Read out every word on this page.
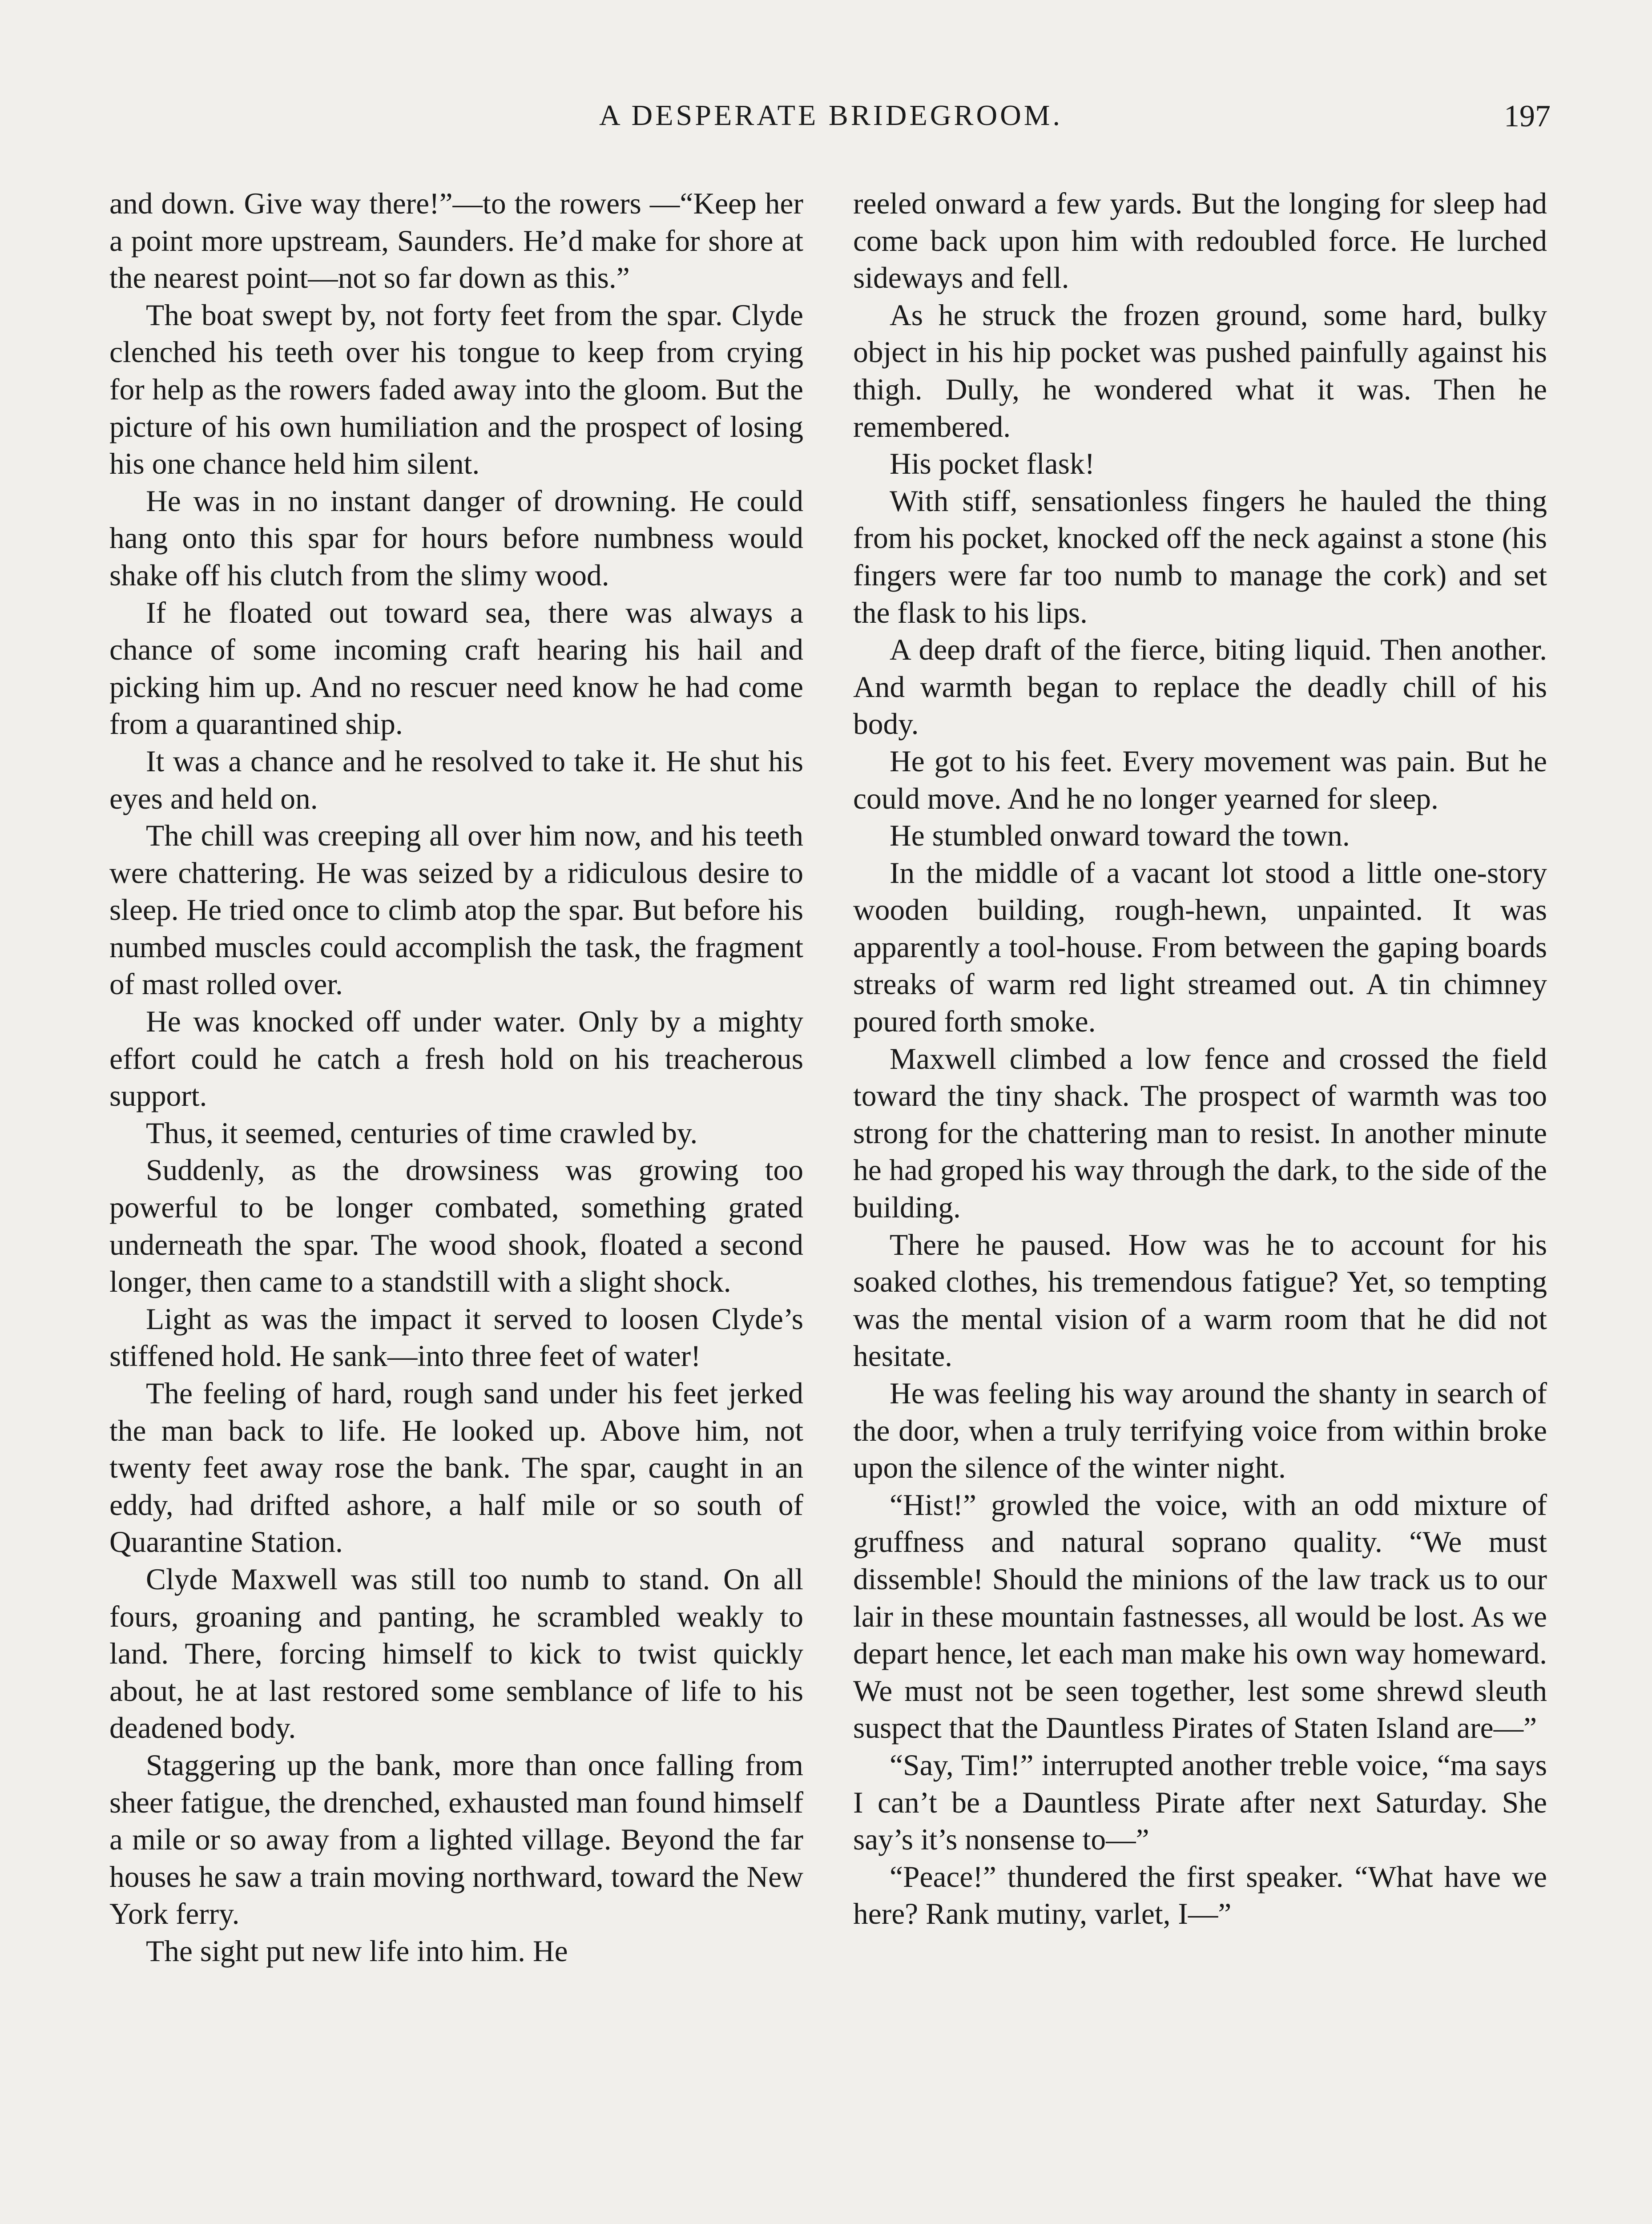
A DESPERATE BRIDEGROOM.	197

and down. Give way there!”—to the rowers —“Keep her a point more upstream, Saunders. He’d make for shore at the nearest point—not so far down as this.”

The boat swept by, not forty feet from the spar. Clyde clenched his teeth over his tongue to keep from crying for help as the rowers faded away into the gloom. But the picture of his own humiliation and the prospect of losing his one chance held him silent.

He was in no instant danger of drowning. He could hang onto this spar for hours before numbness would shake off his clutch from the slimy wood.

If he floated out toward sea, there was always a chance of some incoming craft hearing his hail and picking him up. And no rescuer need know he had come from a quarantined ship.

It was a chance and he resolved to take it. He shut his eyes and held on.

The chill was creeping all over him now, and his teeth were chattering. He was seized by a ridiculous desire to sleep. He tried once to climb atop the spar. But before his numbed muscles could accomplish the task, the fragment of mast rolled over.

He was knocked off under water. Only by a mighty effort could he catch a fresh hold on his treacherous support.

Thus, it seemed, centuries of time crawled by.

Suddenly, as the drowsiness was growing too powerful to be longer combated, something grated underneath the spar. The wood shook, floated a second longer, then came to a standstill with a slight shock.

Light as was the impact it served to loosen Clyde’s stiffened hold. He sank—into three feet of water!

The feeling of hard, rough sand under his feet jerked the man back to life. He looked up. Above him, not twenty feet away rose the bank. The spar, caught in an eddy, had drifted ashore, a half mile or so south of Quarantine Station.

Clyde Maxwell was still too numb to stand. On all fours, groaning and panting, he scrambled weakly to land. There, forcing himself to kick to twist quickly about, he at last restored some semblance of life to his deadened body.

Staggering up the bank, more than once falling from sheer fatigue, the drenched, exhausted man found himself a mile or so away from a lighted village. Beyond the far houses he saw a train moving northward, toward the New York ferry.

The sight put new life into him. He

reeled onward a few yards. But the longing for sleep had come back upon him with redoubled force. He lurched sideways and fell.

As he struck the frozen ground, some hard, bulky object in his hip pocket was pushed painfully against his thigh. Dully, he wondered what it was. Then he remembered.

His pocket flask!

With stiff, sensationless fingers he hauled the thing from his pocket, knocked off the neck against a stone (his fingers were far too numb to manage the cork) and set the flask to his lips.

A deep draft of the fierce, biting liquid. Then another. And warmth began to replace the deadly chill of his body.

He got to his feet. Every movement was pain. But he could move. And he no longer yearned for sleep.

He stumbled onward toward the town.

In the middle of a vacant lot stood a little one-story wooden building, rough-hewn, unpainted. It was apparently a tool-house. From between the gaping boards streaks of warm red light streamed out. A tin chimney poured forth smoke.

Maxwell climbed a low fence and crossed the field toward the tiny shack. The prospect of warmth was too strong for the chattering man to resist. In another minute he had groped his way through the dark, to the side of the building.

There he paused. How was he to account for his soaked clothes, his tremendous fatigue? Yet, so tempting was the mental vision of a warm room that he did not hesitate.

He was feeling his way around the shanty in search of the door, when a truly terrifying voice from within broke upon the silence of the winter night.

“Hist!” growled the voice, with an odd mixture of gruffness and natural soprano quality. “We must dissemble! Should the minions of the law track us to our lair in these mountain fastnesses, all would be lost. As we depart hence, let each man make his own way homeward. We must not be seen together, lest some shrewd sleuth suspect that the Dauntless Pirates of Staten Island are—”

“Say, Tim!” interrupted another treble voice, “ma says I can’t be a Dauntless Pirate after next Saturday. She say’s it’s nonsense to—”

“Peace!” thundered the first speaker. “What have we here? Rank mutiny, varlet, I—”
